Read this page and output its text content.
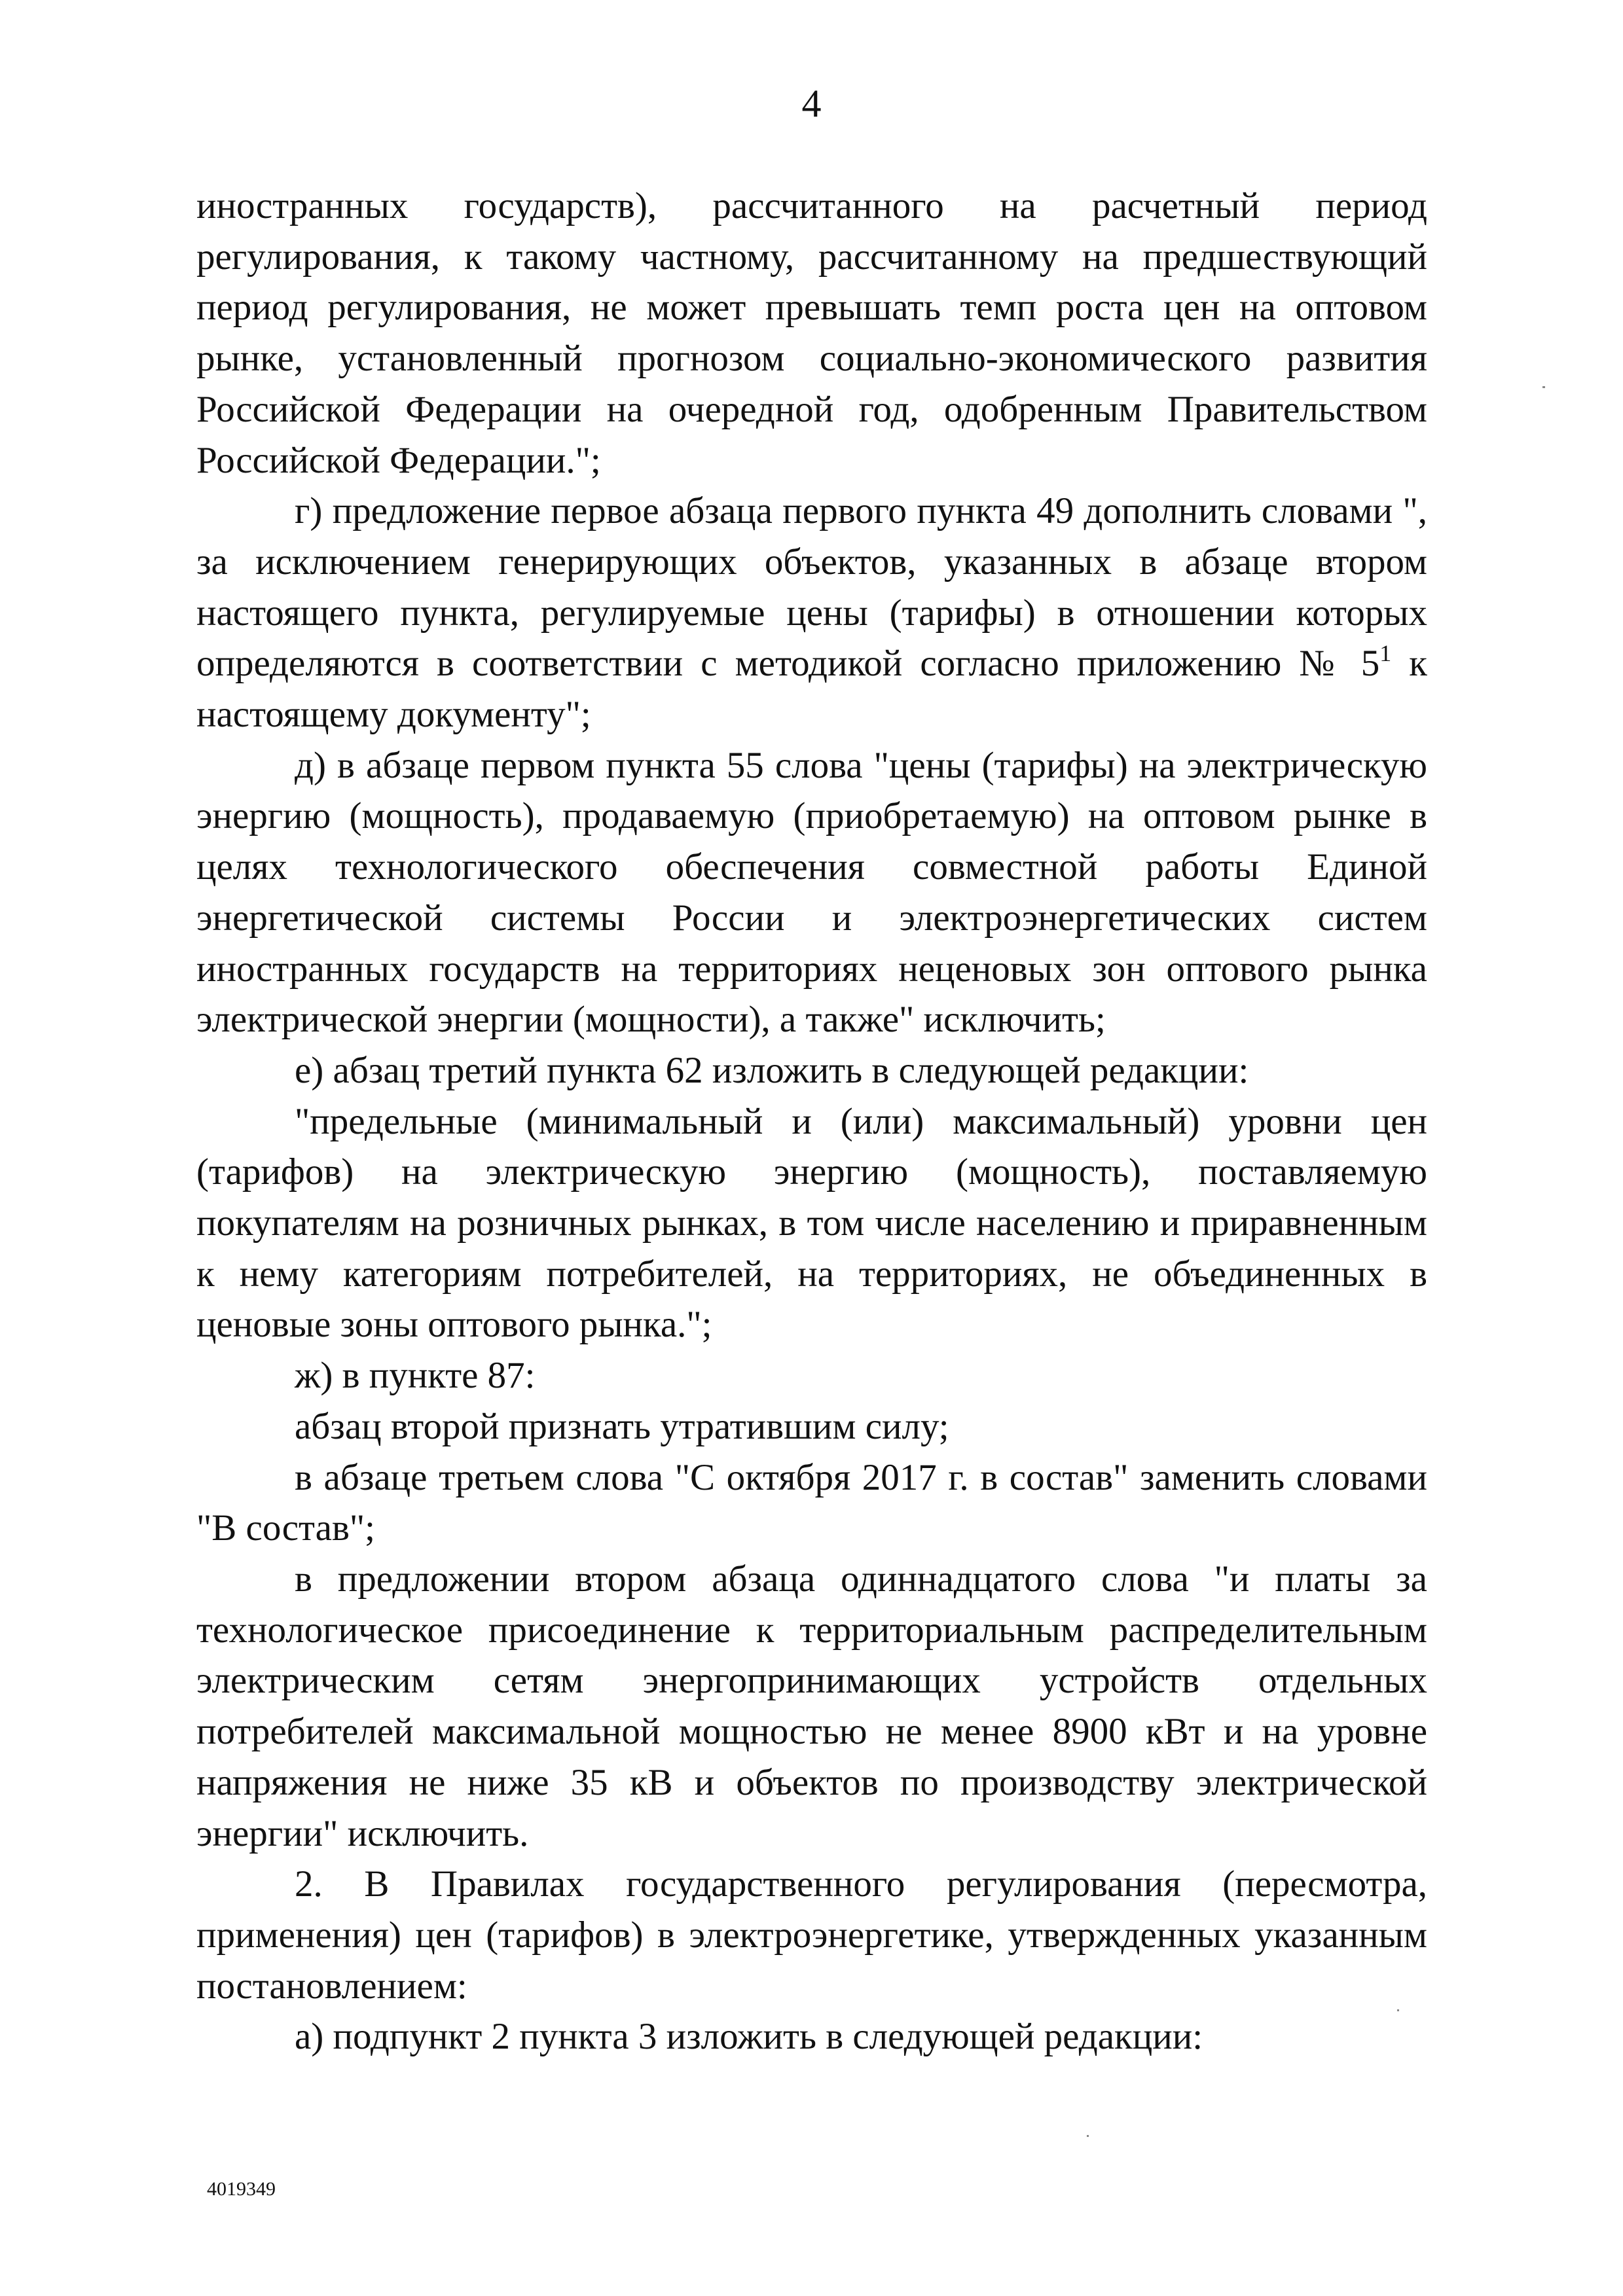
4

иностранных государств), рассчитанного на расчетный период регулирования, к такому частному, рассчитанному на предшествующий период регулирования, не может превышать темп роста цен на оптовом рынке, установленный прогнозом социально-экономического развития Российской Федерации на очередной год, одобренным Правительством Российской Федерации.";

г) предложение первое абзаца первого пункта 49 дополнить словами ", за исключением генерирующих объектов, указанных в абзаце втором настоящего пункта, регулируемые цены (тарифы) в отношении которых определяются в соответствии с методикой согласно приложению № $5^1$ к настоящему документу";

д) в абзаце первом пункта 55 слова "цены (тарифы) на электрическую энергию (мощность), продаваемую (приобретаемую) на оптовом рынке в целях технологического обеспечения совместной работы Единой энергетической системы России и электроэнергетических систем иностранных государств на территориях неценовых зон оптового рынка электрической энергии (мощности), а также" исключить;

е) абзац третий пункта 62 изложить в следующей редакции:

"предельные (минимальный и (или) максимальный) уровни цен (тарифов) на электрическую энергию (мощность), поставляемую покупателям на розничных рынках, в том числе населению и приравненным к нему категориям потребителей, на территориях, не объединенных в ценовые зоны оптового рынка.";

ж) в пункте 87:

абзац второй признать утратившим силу;

в абзаце третьем слова "С октября 2017 г. в состав" заменить словами "В состав";

в предложении втором абзаца одиннадцатого слова "и платы за технологическое присоединение к территориальным распределительным электрическим сетям энергопринимающих устройств отдельных потребителей максимальной мощностью не менее 8900 кВт и на уровне напряжения не ниже 35 кВ и объектов по производству электрической энергии" исключить.

2. В Правилах государственного регулирования (пересмотра, применения) цен (тарифов) в электроэнергетике, утвержденных указанным постановлением:

а) подпункт 2 пункта 3 изложить в следующей редакции:

4019349
